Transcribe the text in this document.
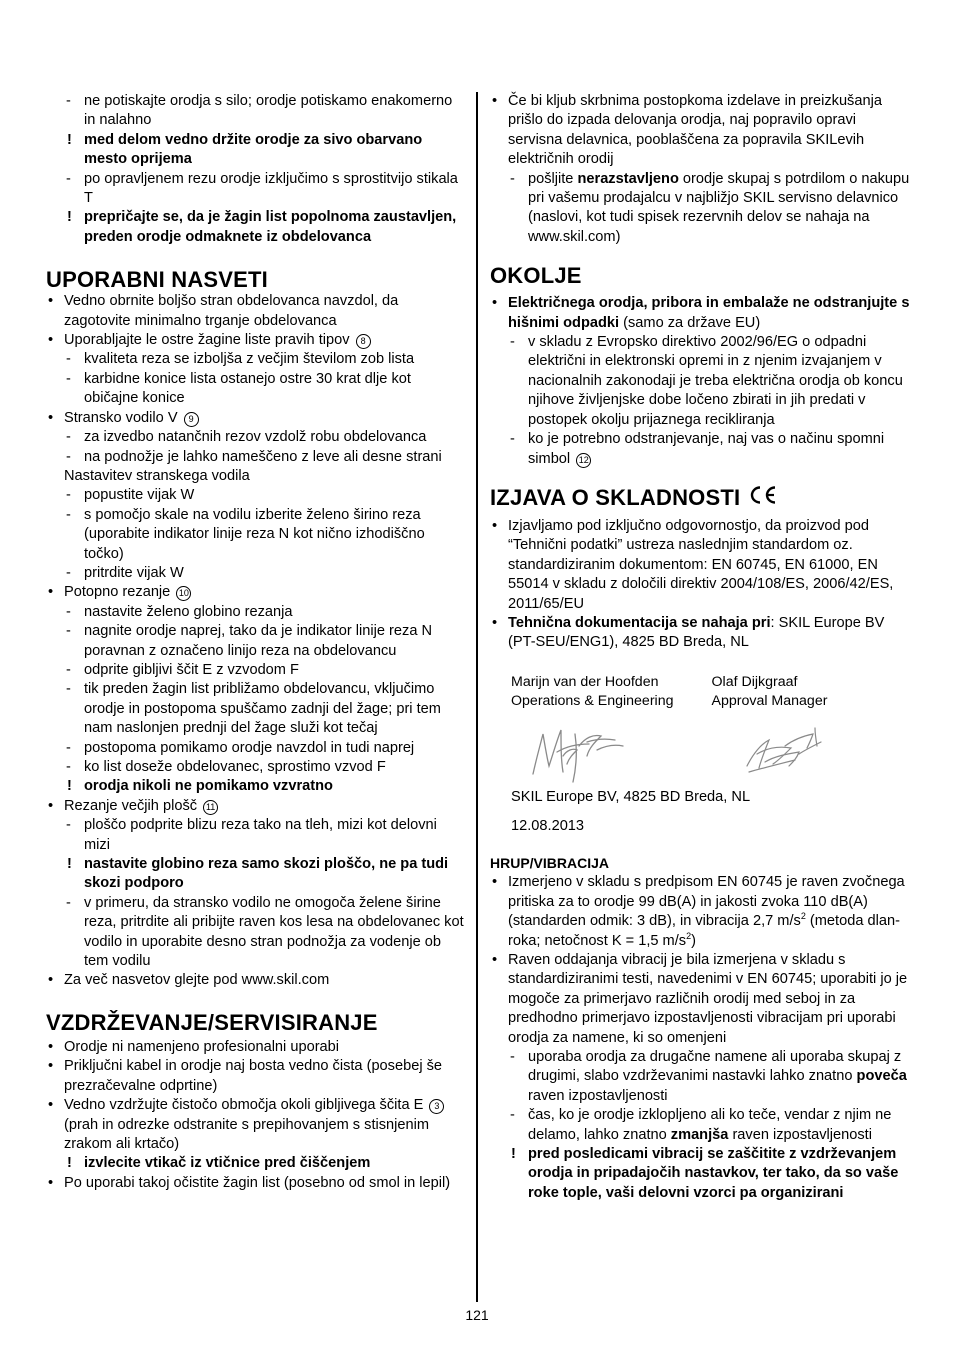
- ne potiskajte orodja s silo; orodje potiskamo enakomerno in nalahno
! med delom vedno držite orodje za sivo obarvano mesto oprijema
- po opravljenem rezu orodje izključimo s sprostitvijo stikala T
! prepričajte se, da je žagin list popolnoma zaustavljen, preden orodje odmaknete iz obdelovanca
UPORABNI NASVETI
• Vedno obrnite boljšo stran obdelovanca navzdol, da zagotovite minimalno trganje obdelovanca
• Uporabljajte le ostre žagine liste pravih tipov 8
- kvaliteta reza se izboljša z večjim številom zob lista
- karbidne konice lista ostanejo ostre 30 krat dlje kot običajne konice
• Stransko vodilo V 9
- za izvedbo natančnih rezov vzdolž robu obdelovanca
- na podnožje je lahko nameščeno z leve ali desne strani
Nastavitev stranskega vodila
- popustite vijak W
- s pomočjo skale na vodilu izberite želeno širino reza (uporabite indikator linije reza N kot nično izhodiščno točko)
- pritrdite vijak W
• Potopno rezanje 10
- nastavite želeno globino rezanja
- nagnite orodje naprej, tako da je indikator linije reza N poravnan z označeno linijo reza na obdelovancu
- odprite gibljivi ščit E z vzvodom F
- tik preden žagin list približamo obdelovancu, vključimo orodje in postopoma spuščamo zadnji del žage; pri tem nam naslonjen prednji del žage služi kot tečaj
- postopoma pomikamo orodje navzdol in tudi naprej
- ko list doseže obdelovanec, sprostimo vzvod F
! orodja nikoli ne pomikamo vzvratno
• Rezanje večjih plošč 11
- ploščo podprite blizu reza tako na tleh, mizi kot delovni mizi
! nastavite globino reza samo skozi ploščo, ne pa tudi skozi podporo
- v primeru, da stransko vodilo ne omogoča želene širine reza, pritrdite ali pribijte raven kos lesa na obdelovanec kot vodilo in uporabite desno stran podnožja za vodenje ob tem vodilu
• Za več nasvetov glejte pod www.skil.com
VZDRŽEVANJE/SERVISIRANJE
• Orodje ni namenjeno profesionalni uporabi
• Priključni kabel in orodje naj bosta vedno čista (posebej še prezračevalne odprtine)
• Vedno vzdržujte čistočo območja okoli gibljivega ščita E 3 (prah in odrezke odstranite s prepihovanjem s stisnjenim zrakom ali krtačo)
! izvlecite vtikač iz vtičnice pred čiščenjem
• Po uporabi takoj očistite žagin list (posebno od smol in lepil)
• Če bi kljub skrbnima postopkoma izdelave in preizkušanja prišlo do izpada delovanja orodja, naj popravilo opravi servisna delavnica, pooblaščena za popravila SKILevih električnih orodij
- pošljite nerazstavljeno orodje skupaj s potrdilom o nakupu pri vašemu prodajalcu v najbližjo SKIL servisno delavnico (naslovi, kot tudi spisek rezervnih delov se nahaja na www.skil.com)
OKOLJE
• Električnega orodja, pribora in embalaže ne odstranjujte s hišnimi odpadki (samo za države EU)
- v skladu z Evropsko direktivo 2002/96/EG o odpadni električni in elektronski opremi in z njenim izvajanjem v nacionalnih zakonodaji je treba električna orodja ob koncu njihove življenjske dobe ločeno zbirati in jih predati v postopek okolju prijaznega recikliranja
- ko je potrebno odstranjevanje, naj vas o načinu spomni simbol 12
IZJAVA O SKLADNOSTI
• Izjavljamo pod izključno odgovornostjo, da proizvod pod “Tehnični podatki” ustreza naslednjim standardom oz. standardiziranim dokumentom: EN 60745, EN 61000, EN 55014 v skladu z določili direktiv 2004/108/ES, 2006/42/ES, 2011/65/EU
• Tehnična dokumentacija se nahaja pri: SKIL Europe BV (PT-SEU/ENG1), 4825 BD Breda, NL
Marijn van der Hoofden
Operations & Engineering
Olaf Dijkgraaf
Approval Manager
SKIL Europe BV, 4825 BD Breda, NL
12.08.2013
HRUP/VIBRACIJA
• Izmerjeno v skladu s predpisom EN 60745 je raven zvočnega pritiska za to orodje 99 dB(A) in jakosti zvoka 110 dB(A) (standarden odmik: 3 dB), in vibracija 2,7 $m/s^2$ (metoda dlan-roka; netočnost K = 1,5 $m/s^2$)
• Raven oddajanja vibracij je bila izmerjena v skladu s standardiziranimi testi, navedenimi v EN 60745; uporabiti jo je mogoče za primerjavo različnih orodij med seboj in za predhodno primerjavo izpostavljenosti vibracijam pri uporabi orodja za namene, ki so omenjeni
- uporaba orodja za drugačne namene ali uporaba skupaj z drugimi, slabo vzdrževanimi nastavki lahko znatno poveča raven izpostavljenosti
- čas, ko je orodje izklopljeno ali ko teče, vendar z njim ne delamo, lahko znatno zmanjša raven izpostavljenosti
! pred posledicami vibracij se zaščitite z vzdrževanjem orodja in pripadajočih nastavkov, ter tako, da so vaše roke tople, vaši delovni vzorci pa organizirani
121
